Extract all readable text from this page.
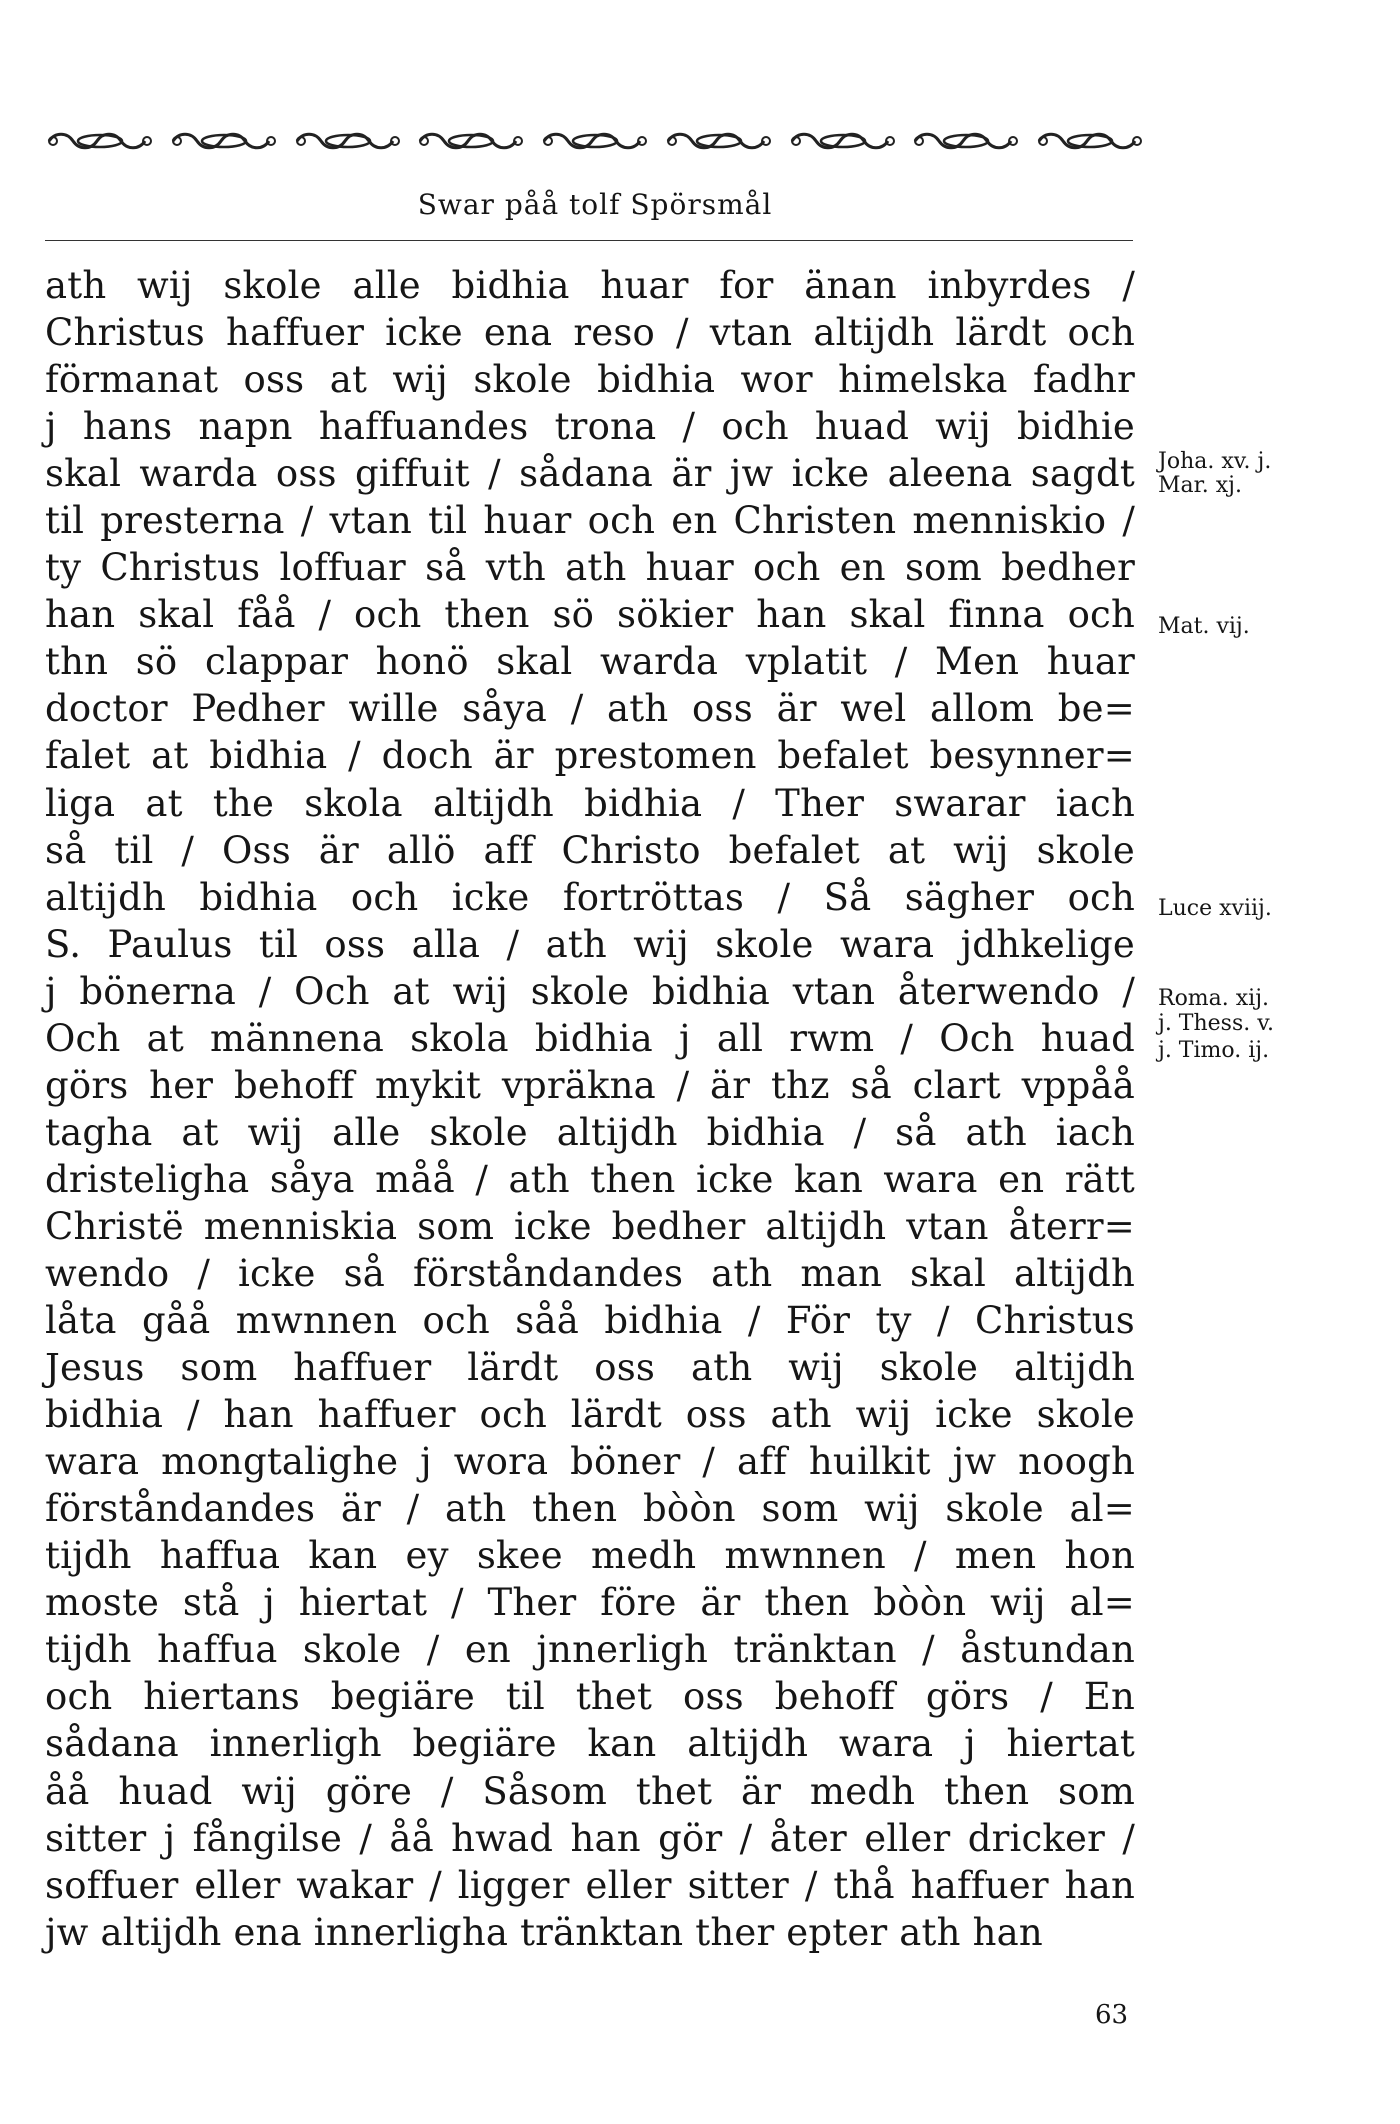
Swar påå tolf Spörsmål
ath wij skole alle bidhia huar for änan inbyrdes /
Christus haffuer icke ena reso / vtan altijdh lärdt och
förmanat oss at wij skole bidhia wor himelska fadhr
j hans napn haffuandes trona / och huad wij bidhie
skal warda oss giffuit / sådana är jw icke aleena sagdt
til presterna / vtan til huar och en Christen menniskio /
ty Christus loffuar så vth ath huar och en som bedher
han skal fåå / och then sö sökier han skal finna och
thn sö clappar honö skal warda vplatit / Men huar
doctor Pedher wille såya / ath oss är wel allom be=
falet at bidhia / doch är prestomen befalet besynner=
liga at the skola altijdh bidhia / Ther swarar iach
så til / Oss är allö aff Christo befalet at wij skole
altijdh bidhia och icke fortröttas / Så sägher och
S. Paulus til oss alla / ath wij skole wara jdhkelige
j bönerna / Och at wij skole bidhia vtan återwendo /
Och at männena skola bidhia j all rwm / Och huad
görs her behoff mykit vpräkna / är thz så clart vppåå
tagha at wij alle skole altijdh bidhia / så ath iach
dristeligha såya måå / ath then icke kan wara en rätt
Christë menniskia som icke bedher altijdh vtan återr=
wendo / icke så förståndandes ath man skal altijdh
låta gåå mwnnen och såå bidhia / För ty / Christus
Jesus som haffuer lärdt oss ath wij skole altijdh
bidhia / han haffuer och lärdt oss ath wij icke skole
wara mongtalighe j wora böner / aff huilkit jw noogh
förståndandes är / ath then bòòn som wij skole al=
tijdh haffua kan ey skee medh mwnnen / men hon
moste stå j hiertat / Ther före är then bòòn wij al=
tijdh haffua skole / en jnnerligh tränktan / åstundan
och hiertans begiäre til thet oss behoff görs / En
sådana innerligh begiäre kan altijdh wara j hiertat
åå huad wij göre / Såsom thet är medh then som
sitter j fångilse / åå hwad han gör / åter eller dricker /
soffuer eller wakar / ligger eller sitter / thå haffuer han
jw altijdh ena innerligha tränktan ther epter ath han
Joha. xv. j.
Mar. xj.
Mat. vij.
Luce xviij.
Roma. xij.
j. Thess. v.
j. Timo. ij.
63
